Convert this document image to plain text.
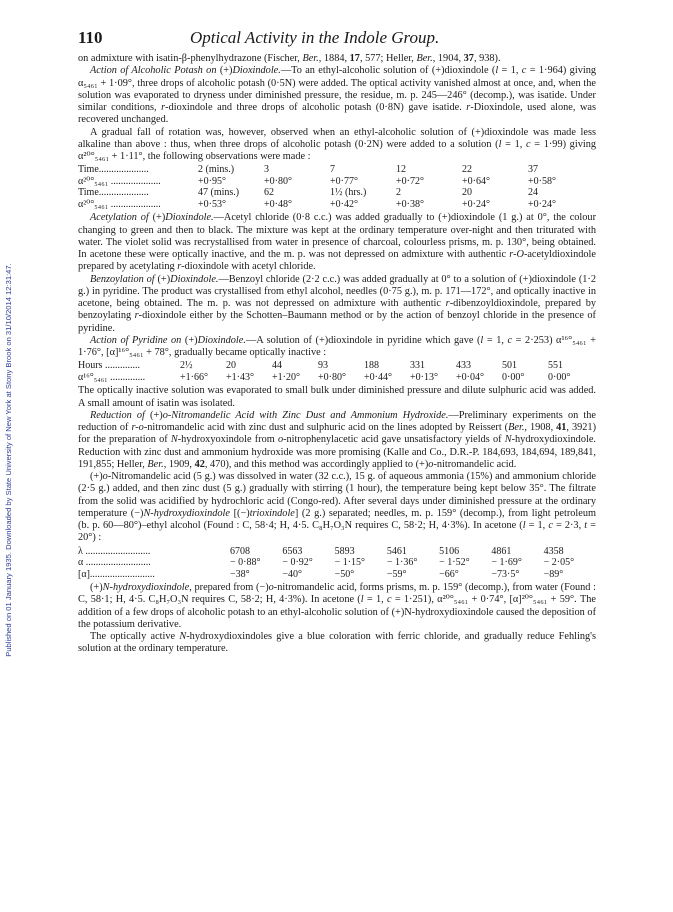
Published on 01 January 1935. Downloaded by State University of New York at Stony Brook on 31/10/2014 12:31:47.
110	Optical Activity in the Indole Group.

on admixture with isatin-β-phenylhydrazone (Fischer, Ber., 1884, 17, 577; Heller, Ber., 1904, 37, 938).

Action of Alcoholic Potash on (+)Dioxindole.—To an ethyl-alcoholic solution of (+)dioxindole (l = 1, c = 1·964) giving α₅₄₆₁ + 1·09°, three drops of alcoholic potash (0·5N) were added. The optical activity vanished almost at once, and, when the solution was evaporated to dryness under diminished pressure, the residue, m. p. 245—246° (decomp.), was isatide. Under similar conditions, r-dioxindole and three drops of alcoholic potash (0·8N) gave isatide. r-Dioxindole, used alone, was recovered unchanged.

A gradual fall of rotation was, however, observed when an ethyl-alcoholic solution of (+)dioxindole was made less alkaline than above : thus, when three drops of alcoholic potash (0·2N) were added to a solution (l = 1, c = 1·99) giving α²⁰°₅₄₆₁ + 1·11°, the following observations were made :

Time....................	2 (mins.)	3	7	12	22	37
α²⁰°₅₄₆₁ ....................	+0·95°	+0·80°	+0·77°	+0·72°	+0·64°	+0·58°
Time....................	47 (mins.)	62	1½ (hrs.)	2	20	24
α²⁰°₅₄₆₁ ....................	+0·53°	+0·48°	+0·42°	+0·38°	+0·24°	+0·24°

Acetylation of (+)Dioxindole.—Acetyl chloride (0·8 c.c.) was added gradually to (+)dioxindole (1 g.) at 0°, the colour changing to green and then to black. The mixture was kept at the ordinary temperature over-night and then triturated with water. The violet solid was recrystallised from water in presence of charcoal, colourless prisms, m. p. 130°, being obtained. In acetone these were optically inactive, and the m. p. was not depressed on admixture with authentic r-O-acetyldioxindole prepared by acetylating r-dioxindole with acetyl chloride.

Benzoylation of (+)Dioxindole.—Benzoyl chloride (2·2 c.c.) was added gradually at 0° to a solution of (+)dioxindole (1·2 g.) in pyridine. The product was crystallised from ethyl alcohol, needles (0·75 g.), m. p. 171—172°, and optically inactive in acetone, being obtained. The m. p. was not depressed on admixture with authentic r-dibenzoyldioxindole, prepared by benzoylating r-dioxindole either by the Schotten–Baumann method or by the action of benzoyl chloride in the presence of pyridine.

Action of Pyridine on (+)Dioxindole.—A solution of (+)dioxindole in pyridine which gave (l = 1, c = 2·253) α¹⁶°₅₄₆₁ + 1·76°, [α]¹⁶°₅₄₆₁ + 78°, gradually became optically inactive :

Hours ..............	2½	20	44	93	188	331	433	501	551
α¹⁶°₅₄₆₁ ..............	+1·66°	+1·43°	+1·20°	+0·80°	+0·44°	+0·13°	+0·04°	0·00°	0·00°

The optically inactive solution was evaporated to small bulk under diminished pressure and dilute sulphuric acid was added. A small amount of isatin was isolated.

Reduction of (+)o-Nitromandelic Acid with Zinc Dust and Ammonium Hydroxide.—Preliminary experiments on the reduction of r-o-nitromandelic acid with zinc dust and sulphuric acid on the lines adopted by Reissert (Ber., 1908, 41, 3921) for the preparation of N-hydroxyoxindole from o-nitrophenylacetic acid gave unsatisfactory yields of N-hydroxydioxindole. Reduction with zinc dust and ammonium hydroxide was more promising (Kalle and Co., D.R.-P. 184,693, 184,694, 189,841, 191,855; Heller, Ber., 1909, 42, 470), and this method was accordingly applied to (+)o-nitromandelic acid.

(+)o-Nitromandelic acid (5 g.) was dissolved in water (32 c.c.), 15 g. of aqueous ammonia (15%) and ammonium chloride (2·5 g.) added, and then zinc dust (5 g.) gradually with stirring (1 hour), the temperature being kept below 35°. The filtrate from the solid was acidified by hydrochloric acid (Congo-red). After several days under diminished pressure at the ordinary temperature (−)N-hydroxydioxindole [(−)trioxindole] (2 g.) separated; needles, m. p. 159° (decomp.), from light petroleum (b. p. 60—80°)–ethyl alcohol (Found : C, 58·4; H, 4·5. C₈H₇O₃N requires C, 58·2; H, 4·3%). In acetone (l = 1, c = 2·3, t = 20°) :

λ ..........................	6708	6563	5893	5461	5106	4861	4358
α ..........................	− 0·88°	− 0·92°	− 1·15°	− 1·36°	− 1·52°	− 1·69°	− 2·05°
[α]..........................	−38°	−40°	−50°	−59°	−66°	−73·5°	−89°

(+)N-hydroxydioxindole, prepared from (−)o-nitromandelic acid, forms prisms, m. p. 159° (decomp.), from water (Found : C, 58·1; H, 4·5. C₈H₇O₃N requires C, 58·2; H, 4·3%). In acetone (l = 1, c = 1·251), α²⁰°₅₄₆₁ + 0·74°, [α]²⁰°₅₄₆₁ + 59°. The addition of a few drops of alcoholic potash to an ethyl-alcoholic solution of (+)N-hydroxydioxindole caused the deposition of the potassium derivative.

The optically active N-hydroxydioxindoles give a blue coloration with ferric chloride, and gradually reduce Fehling's solution at the ordinary temperature.
